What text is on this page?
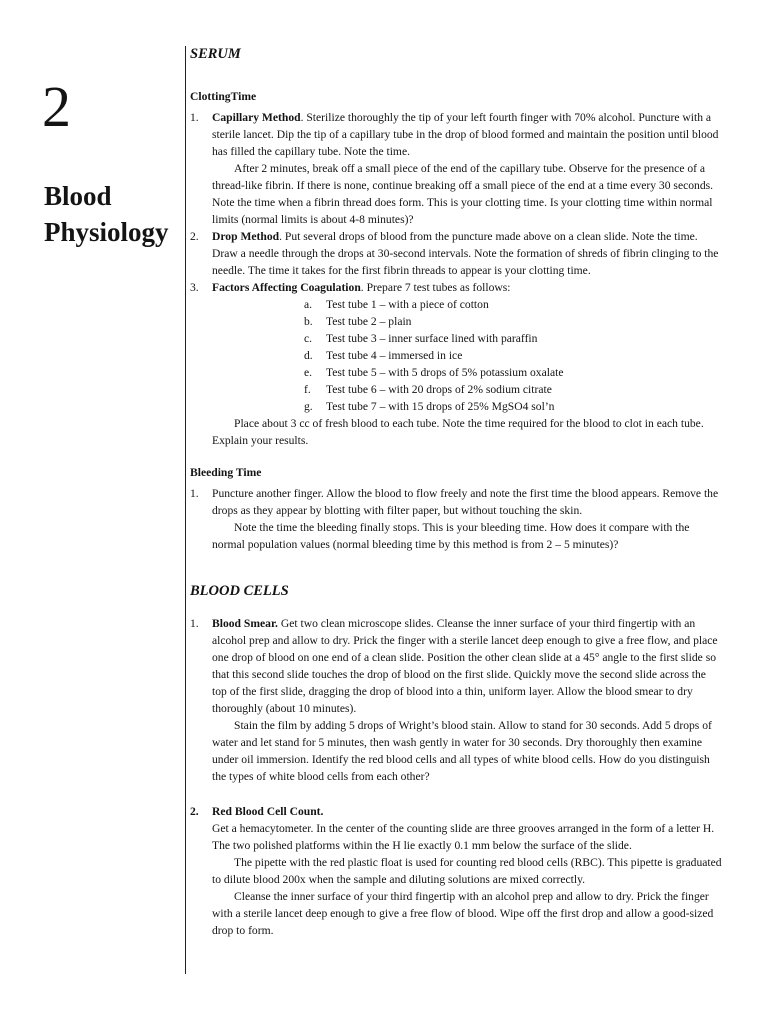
2
Blood Physiology
SERUM
ClottingTime
1. Capillary Method. Sterilize thoroughly the tip of your left fourth finger with 70% alcohol. Puncture with a sterile lancet. Dip the tip of a capillary tube in the drop of blood formed and maintain the position until blood has filled the capillary tube. Note the time.

After 2 minutes, break off a small piece of the end of the capillary tube. Observe for the presence of a thread-like fibrin. If there is none, continue breaking off a small piece of the end at a time every 30 seconds. Note the time when a fibrin thread does form. This is your clotting time. Is your clotting time within normal limits (normal limits is about 4-8 minutes)?

2. Drop Method. Put several drops of blood from the puncture made above on a clean slide. Note the time. Draw a needle through the drops at 30-second intervals. Note the formation of shreds of fibrin clinging to the needle. The time it takes for the first fibrin threads to appear is your clotting time.

3. Factors Affecting Coagulation. Prepare 7 test tubes as follows:

a. Test tube 1 – with a piece of cotton
b. Test tube 2 – plain
c. Test tube 3 – inner surface lined with paraffin
d. Test tube 4 – immersed in ice
e. Test tube 5 – with 5 drops of 5% potassium oxalate
f. Test tube 6 – with 20 drops of 2% sodium citrate
g. Test tube 7 – with 15 drops of 25% MgSO4 sol’n

Place about 3 cc of fresh blood to each tube. Note the time required for the blood to clot in each tube. Explain your results.

Bleeding Time
1. Puncture another finger. Allow the blood to flow freely and note the first time the blood appears. Remove the drops as they appear by blotting with filter paper, but without touching the skin.

Note the time the bleeding finally stops. This is your bleeding time. How does it compare with the normal population values (normal bleeding time by this method is from 2 – 5 minutes)?

BLOOD CELLS
1. Blood Smear. Get two clean microscope slides. Cleanse the inner surface of your third fingertip with an alcohol prep and allow to dry. Prick the finger with a sterile lancet deep enough to give a free flow, and place one drop of blood on one end of a clean slide. Position the other clean slide at a 45° angle to the first slide so that this second slide touches the drop of blood on the first slide. Quickly move the second slide across the top of the first slide, dragging the drop of blood into a thin, uniform layer. Allow the blood smear to dry thoroughly (about 10 minutes).

Stain the film by adding 5 drops of Wright’s blood stain. Allow to stand for 30 seconds. Add 5 drops of water and let stand for 5 minutes, then wash gently in water for 30 seconds. Dry thoroughly then examine under oil immersion. Identify the red blood cells and all types of white blood cells. How do you distinguish the types of white blood cells from each other?

2. Red Blood Cell Count.

Get a hemacytometer. In the center of the counting slide are three grooves arranged in the form of a letter H. The two polished platforms within the H lie exactly 0.1 mm below the surface of the slide.

The pipette with the red plastic float is used for counting red blood cells (RBC). This pipette is graduated to dilute blood 200x when the sample and diluting solutions are mixed correctly.

Cleanse the inner surface of your third fingertip with an alcohol prep and allow to dry. Prick the finger with a sterile lancet deep enough to give a free flow of blood. Wipe off the first drop and allow a good-sized drop to form.
